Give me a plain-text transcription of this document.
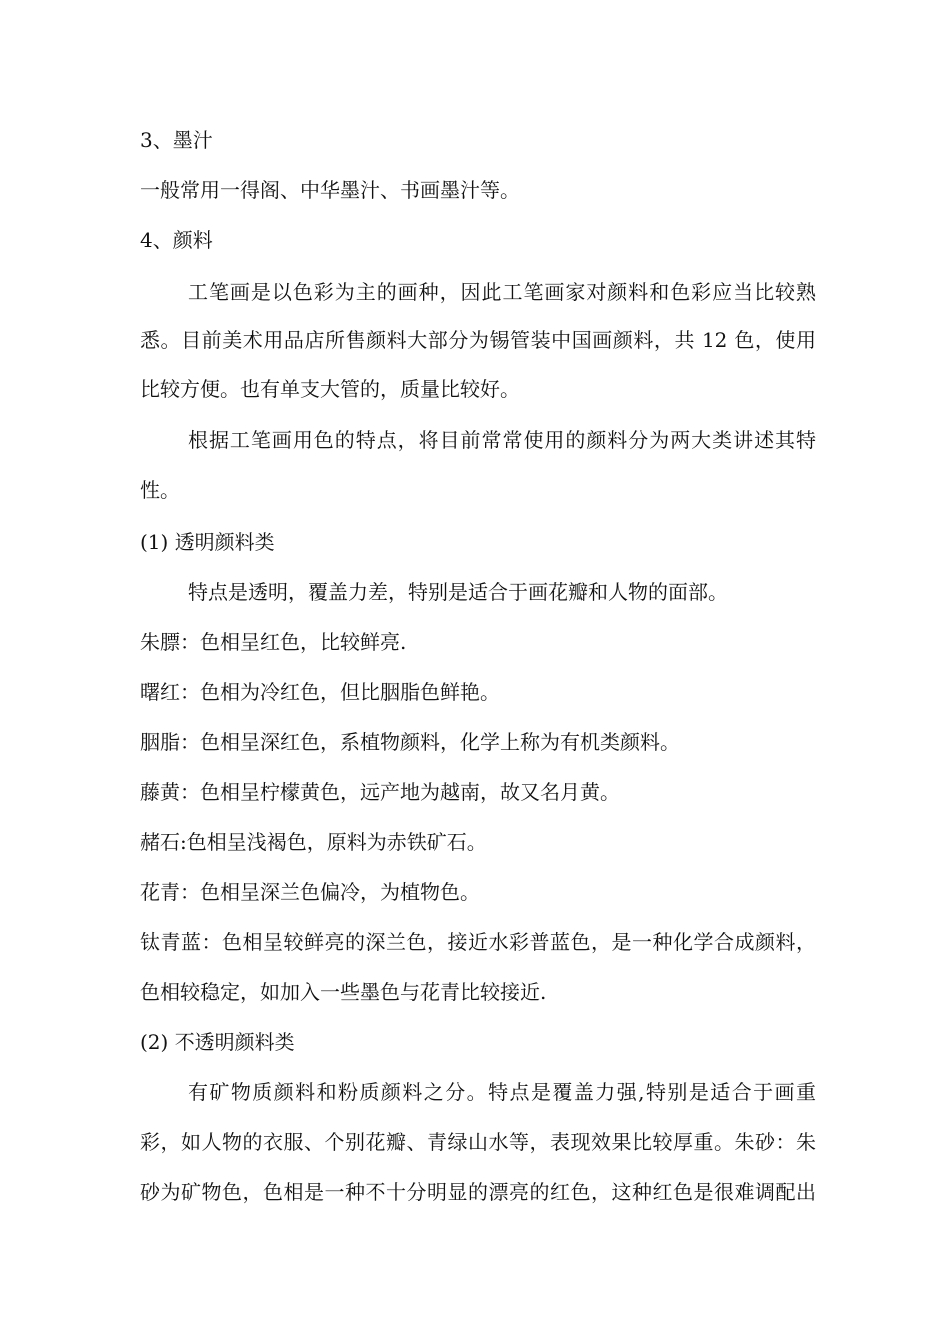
3、墨汁
一般常用一得阁、中华墨汁、书画墨汁等。
4、颜料
工笔画是以色彩为主的画种，因此工笔画家对颜料和色彩应当比较熟
悉。目前美术用品店所售颜料大部分为锡管装中国画颜料，共 12 色，使用
比较方便。也有单支大管的，质量比较好。
根据工笔画用色的特点，将目前常常使用的颜料分为两大类讲述其特
性。
(1) 透明颜料类
特点是透明，覆盖力差，特别是适合于画花瓣和人物的面部。
朱膘：色相呈红色，比较鲜亮.
曙红：色相为冷红色，但比胭脂色鲜艳。
胭脂：色相呈深红色，系植物颜料，化学上称为有机类颜料。
藤黄：色相呈柠檬黄色，远产地为越南，故又名月黄。
赭石:色相呈浅褐色，原料为赤铁矿石。
花青：色相呈深兰色偏冷，为植物色。
钛青蓝：色相呈较鲜亮的深兰色，接近水彩普蓝色，是一种化学合成颜料，
色相较稳定，如加入一些墨色与花青比较接近.
(2) 不透明颜料类
有矿物质颜料和粉质颜料之分。特点是覆盖力强,特别是适合于画重
彩，如人物的衣服、个别花瓣、青绿山水等，表现效果比较厚重。朱砂：朱
砂为矿物色，色相是一种不十分明显的漂亮的红色，这种红色是很难调配出
